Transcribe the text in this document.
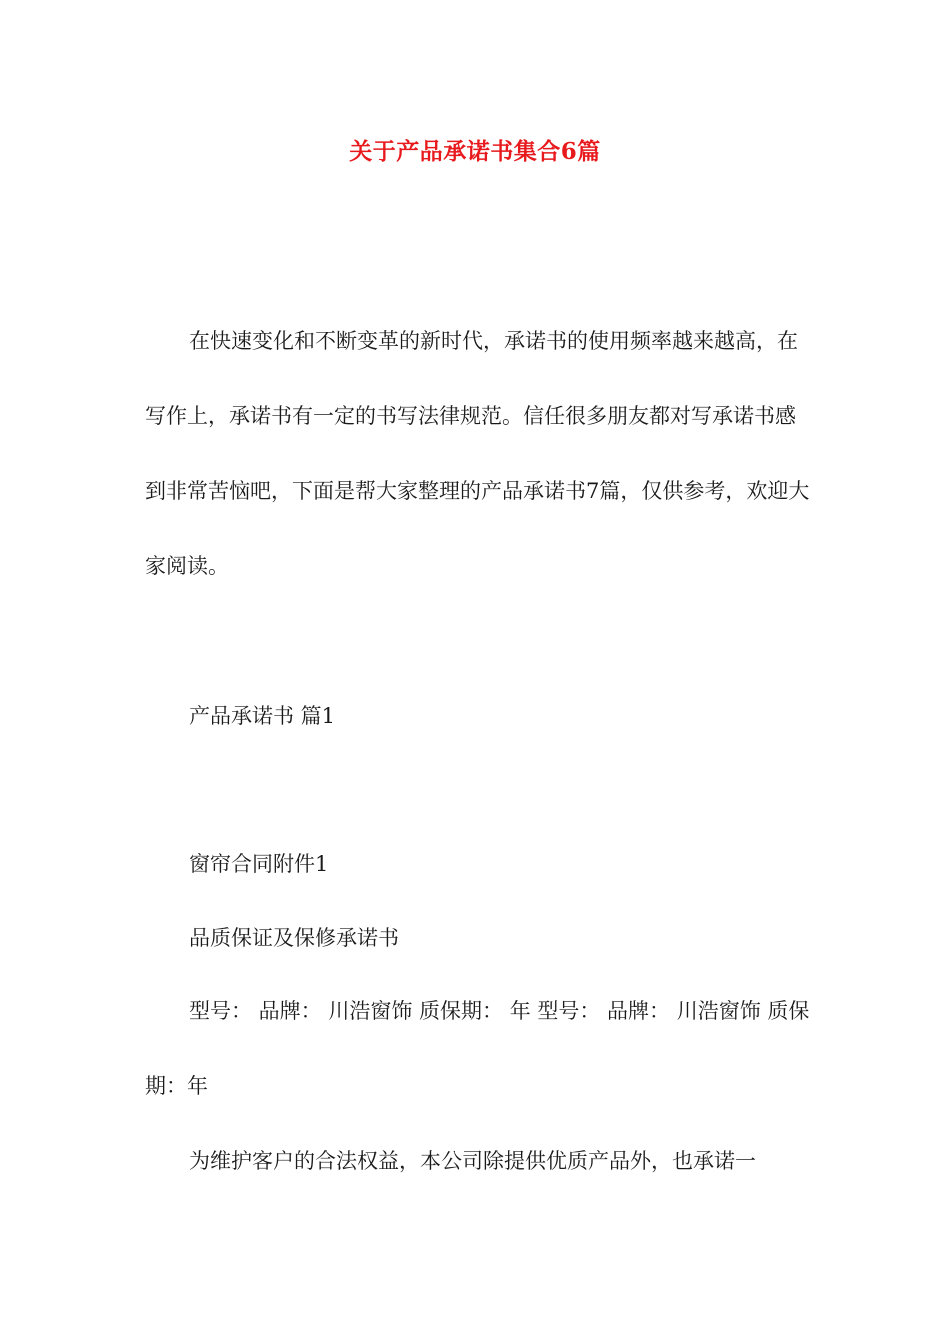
关于产品承诺书集合6篇

在快速变化和不断变革的新时代，承诺书的使用频率越来越高，在写作上，承诺书有一定的书写法律规范。信任很多朋友都对写承诺书感到非常苦恼吧，下面是帮大家整理的产品承诺书7篇，仅供参考，欢迎大家阅读。

产品承诺书 篇1

窗帘合同附件1

品质保证及保修承诺书

型号： 品牌： 川浩窗饰 质保期： 年 型号： 品牌： 川浩窗饰 质保期：年

为维护客户的合法权益，本公司除提供优质产品外，也承诺一
